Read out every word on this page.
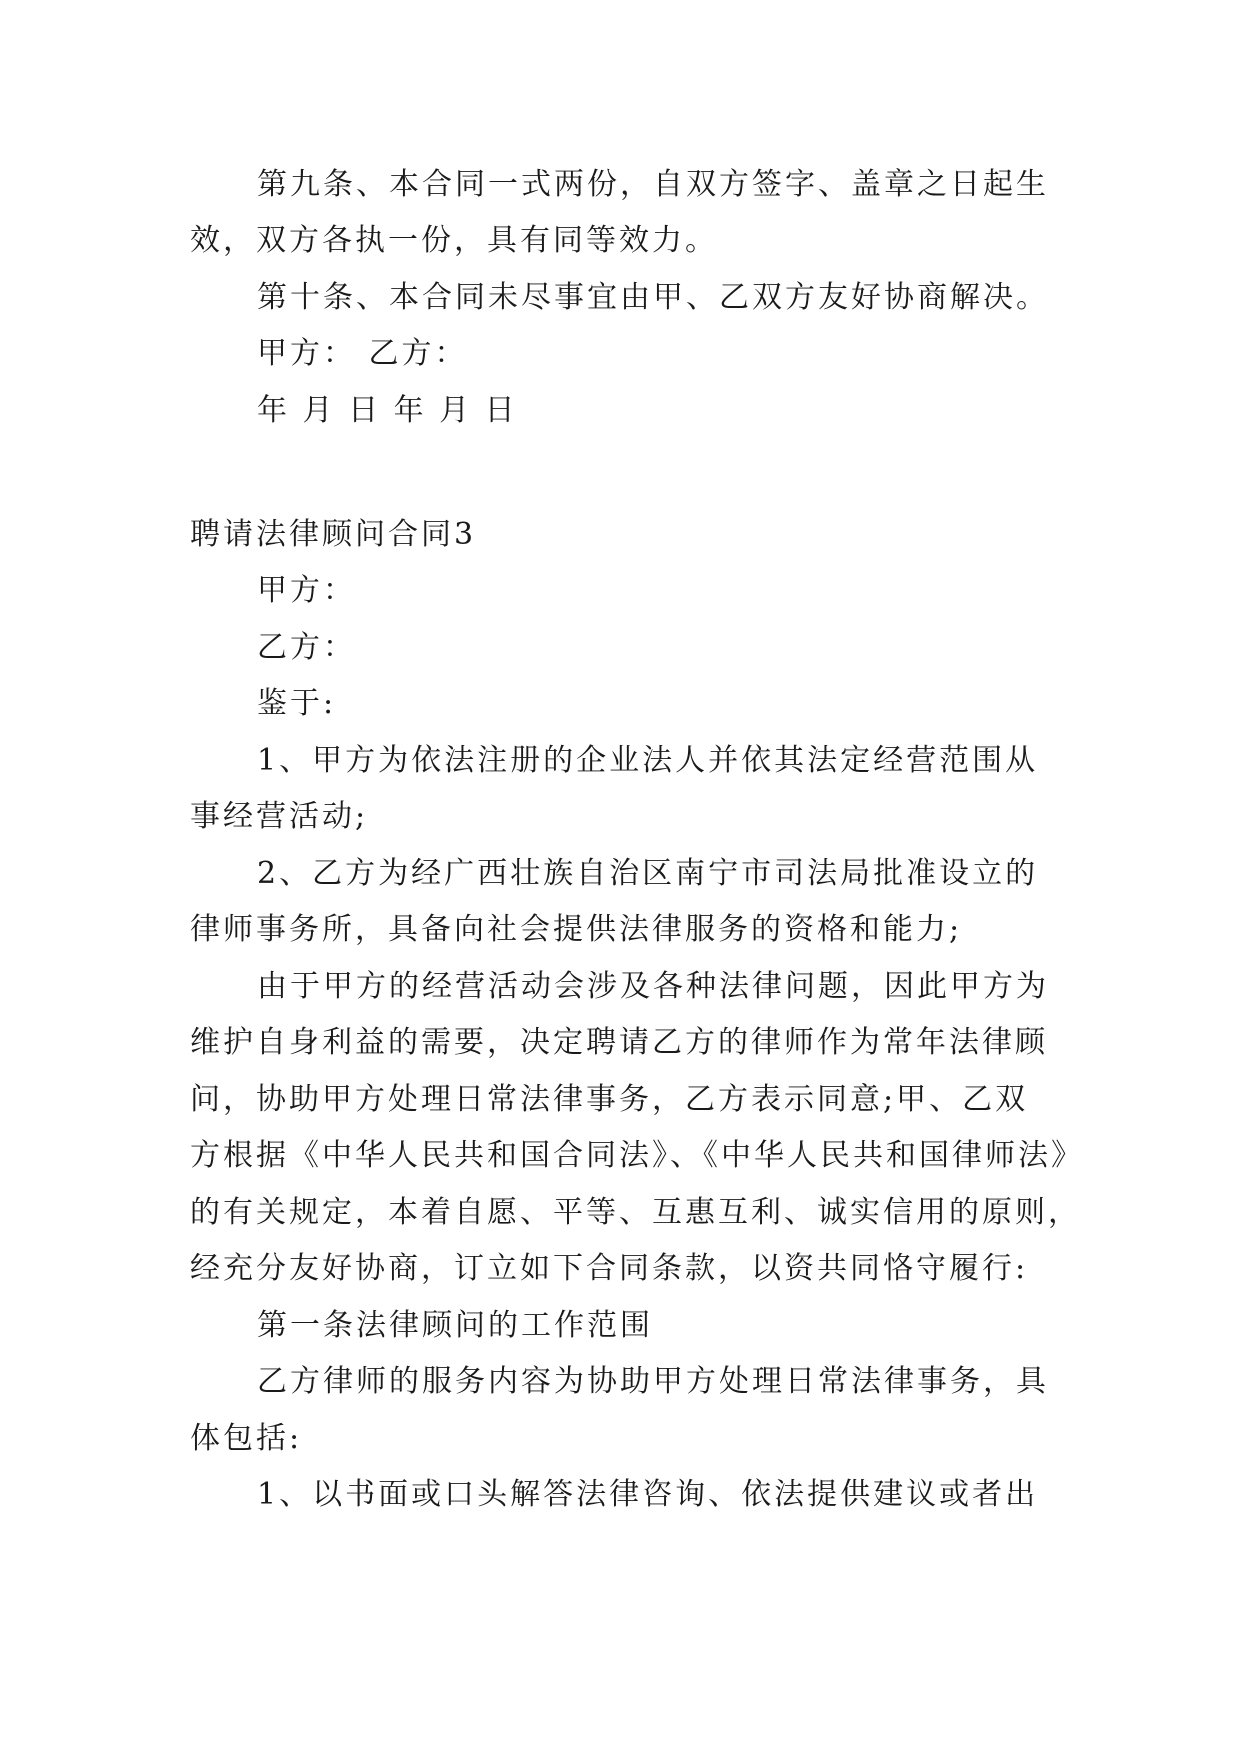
第九条、本合同一式两份，自双方签字、盖章之日起生
效，双方各执一份，具有同等效力。
第十条、本合同未尽事宜由甲、乙双方友好协商解决。
甲方： 乙方：
年 月 日 年 月 日
聘请法律顾问合同3
甲方：
乙方：
鉴于:
1、甲方为依法注册的企业法人并依其法定经营范围从
事经营活动;
2、乙方为经广西壮族自治区南宁市司法局批准设立的
律师事务所，具备向社会提供法律服务的资格和能力;
由于甲方的经营活动会涉及各种法律问题，因此甲方为
维护自身利益的需要，决定聘请乙方的律师作为常年法律顾
问，协助甲方处理日常法律事务，乙方表示同意;甲、乙双
方根据《中华人民共和国合同法》、《中华人民共和国律师法》
的有关规定，本着自愿、平等、互惠互利、诚实信用的原则，
经充分友好协商，订立如下合同条款，以资共同恪守履行:
第一条法律顾问的工作范围
乙方律师的服务内容为协助甲方处理日常法律事务，具
体包括:
1、以书面或口头解答法律咨询、依法提供建议或者出
